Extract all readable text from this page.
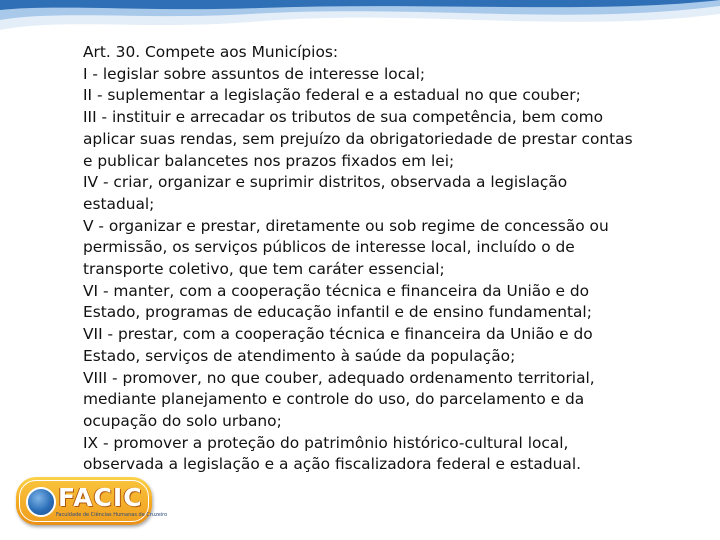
Art. 30. Compete aos Municípios:
I - legislar sobre assuntos de interesse local;
II - suplementar a legislação federal e a estadual no que couber;
III - instituir e arrecadar os tributos de sua competência, bem como
aplicar suas rendas, sem prejuízo da obrigatoriedade de prestar contas
e publicar balancetes nos prazos fixados em lei;
IV - criar, organizar e suprimir distritos, observada a legislação
estadual;
V - organizar e prestar, diretamente ou sob regime de concessão ou
permissão, os serviços públicos de interesse local, incluído o de
transporte coletivo, que tem caráter essencial;
VI - manter, com a cooperação técnica e financeira da União e do
Estado, programas de educação infantil e de ensino fundamental;
VII - prestar, com a cooperação técnica e financeira da União e do
Estado, serviços de atendimento à saúde da população;
VIII - promover, no que couber, adequado ordenamento territorial,
mediante planejamento e controle do uso, do parcelamento e da
ocupação do solo urbano;
IX - promover a proteção do patrimônio histórico-cultural local,
observada a legislação e a ação fiscalizadora federal e estadual.
FACIC
Faculdade de Ciências Humanas de Cruzeiro
